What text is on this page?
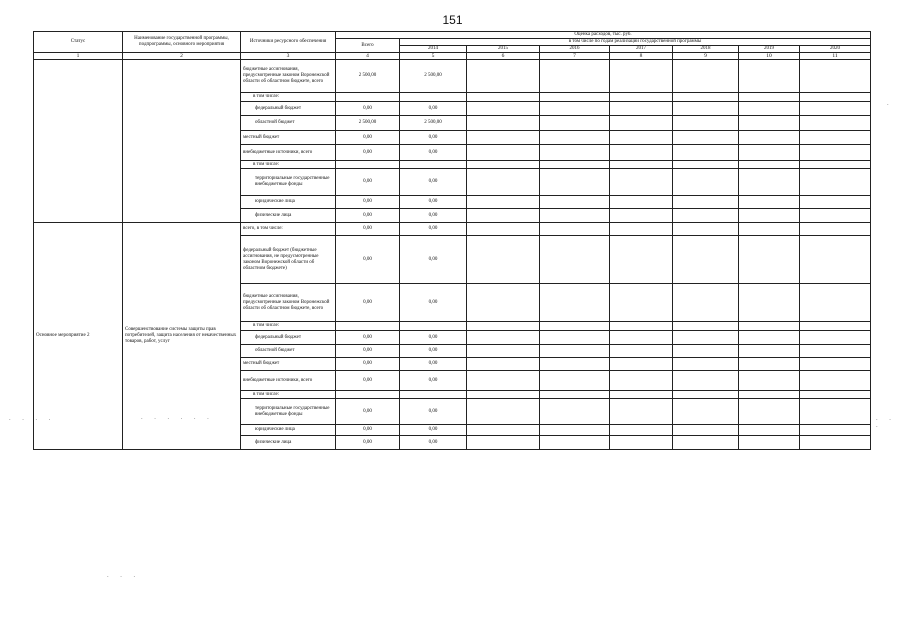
151
Статус	Наименование государственной программы, подпрограммы, основного мероприятия	Источники ресурсного обеспечения	Оценка расходов, тыс. руб.							
			Всего	в том числе по годам реализации государственной программы						
				2014	2015	2016	2017	2018	2019	2020
1	2	3	4	5	6	7	8	9	10	11
		бюджетные ассигнования, предусмотренные законом Воронежской области об областном бюджете, всего	2 500,00	2 500,00						
		в том числе:								
		федеральный бюджет	0,00	0,00						
		областной бюджет	2 500,00	2 500,00						
		местный бюджет	0,00	0,00						
		внебюджетные источники, всего	0,00	0,00						
		в том числе:								
		территориальные государственные внебюджетные фонды	0,00	0,00						
		юридические лица	0,00	0,00						
		физические лица	0,00	0,00						
Основное мероприятие 2	Совершенствование системы защиты прав потребителей, защита населения от некачественных товаров, работ, услуг	всего, в том числе:	0,00	0,00						
		федеральный бюджет (бюджетные ассигнования, не предусмотренные законом Воронежской области об областном бюджете)	0,00	0,00						
		бюджетные ассигнования, предусмотренные законом Воронежской области об областном бюджете, всего	0,00	0,00						
		в том числе:								
		федеральный бюджет	0,00	0,00						
		областной бюджет	0,00	0,00						
		местный бюджет	0,00	0,00						
		внебюджетные источники, всего	0,00	0,00						
		в том числе:								
		территориальные государственные внебюджетные фонды	0,00	0,00						
		юридические лица	0,00	0,00						
		физические лица	0,00	0,00						
. . . .	. . . . . .	. . .
. . .
.
